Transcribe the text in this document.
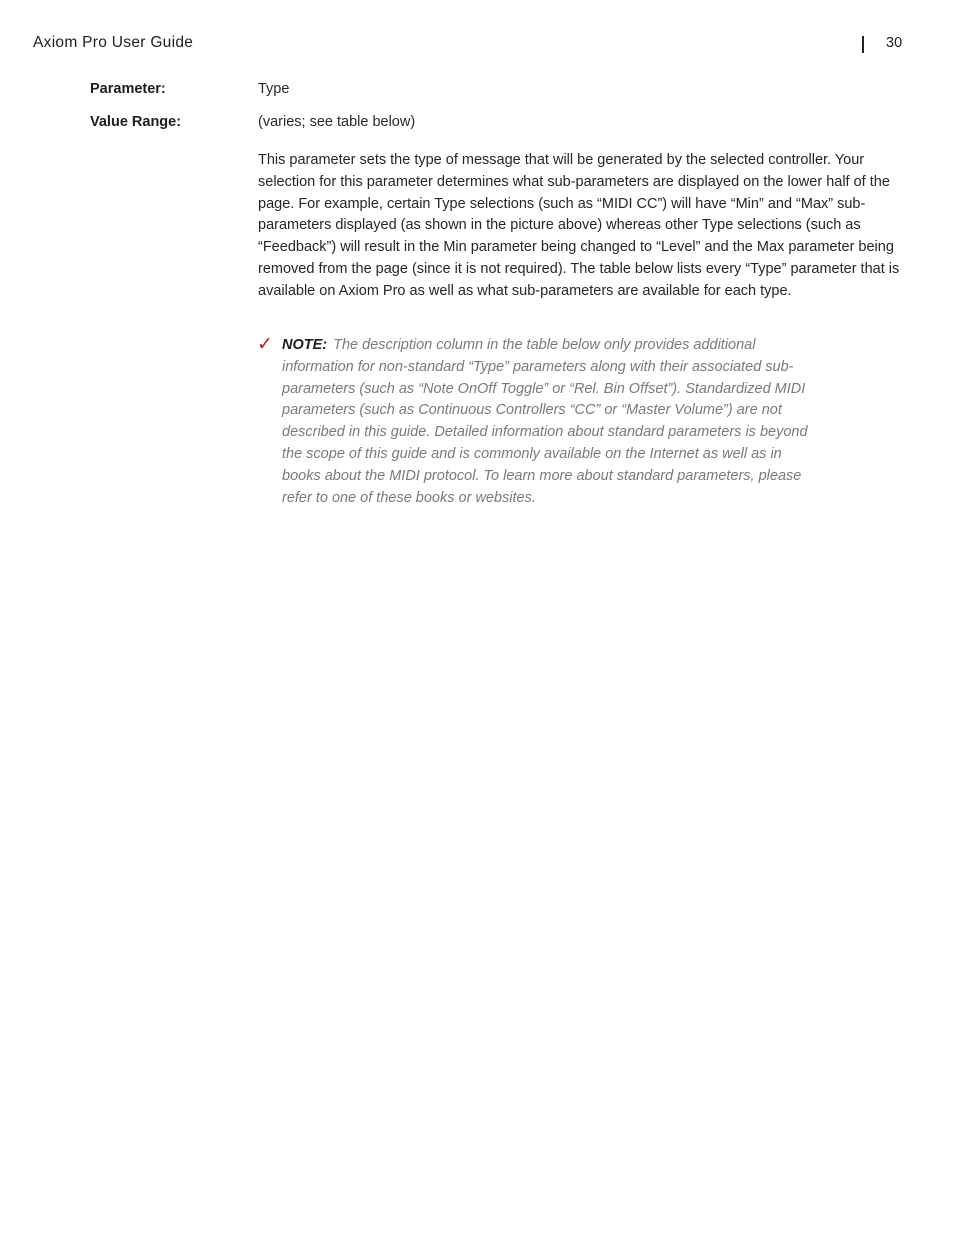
Axiom Pro User Guide	30
Parameter:	Type
Value Range:	(varies; see table below)

This parameter sets the type of message that will be generated by the selected controller. Your selection for this parameter determines what sub-parameters are displayed on the lower half of the page. For example, certain Type selections (such as “MIDI CC”) will have “Min” and “Max” sub-parameters displayed (as shown in the picture above) whereas other Type selections (such as “Feedback”) will result in the Min parameter being changed to “Level” and the Max parameter being removed from the page (since it is not required). The table below lists every “Type” parameter that is available on Axiom Pro as well as what sub-parameters are available for each type.

✓ NOTE: The description column in the table below only provides additional information for non-standard “Type” parameters along with their associated sub-parameters (such as “Note OnOff Toggle” or “Rel. Bin Offset”). Standardized MIDI parameters (such as Continuous Controllers “CC” or “Master Volume”) are not described in this guide. Detailed information about standard parameters is beyond the scope of this guide and is commonly available on the Internet as well as in books about the MIDI protocol. To learn more about standard parameters, please refer to one of these books or websites.
